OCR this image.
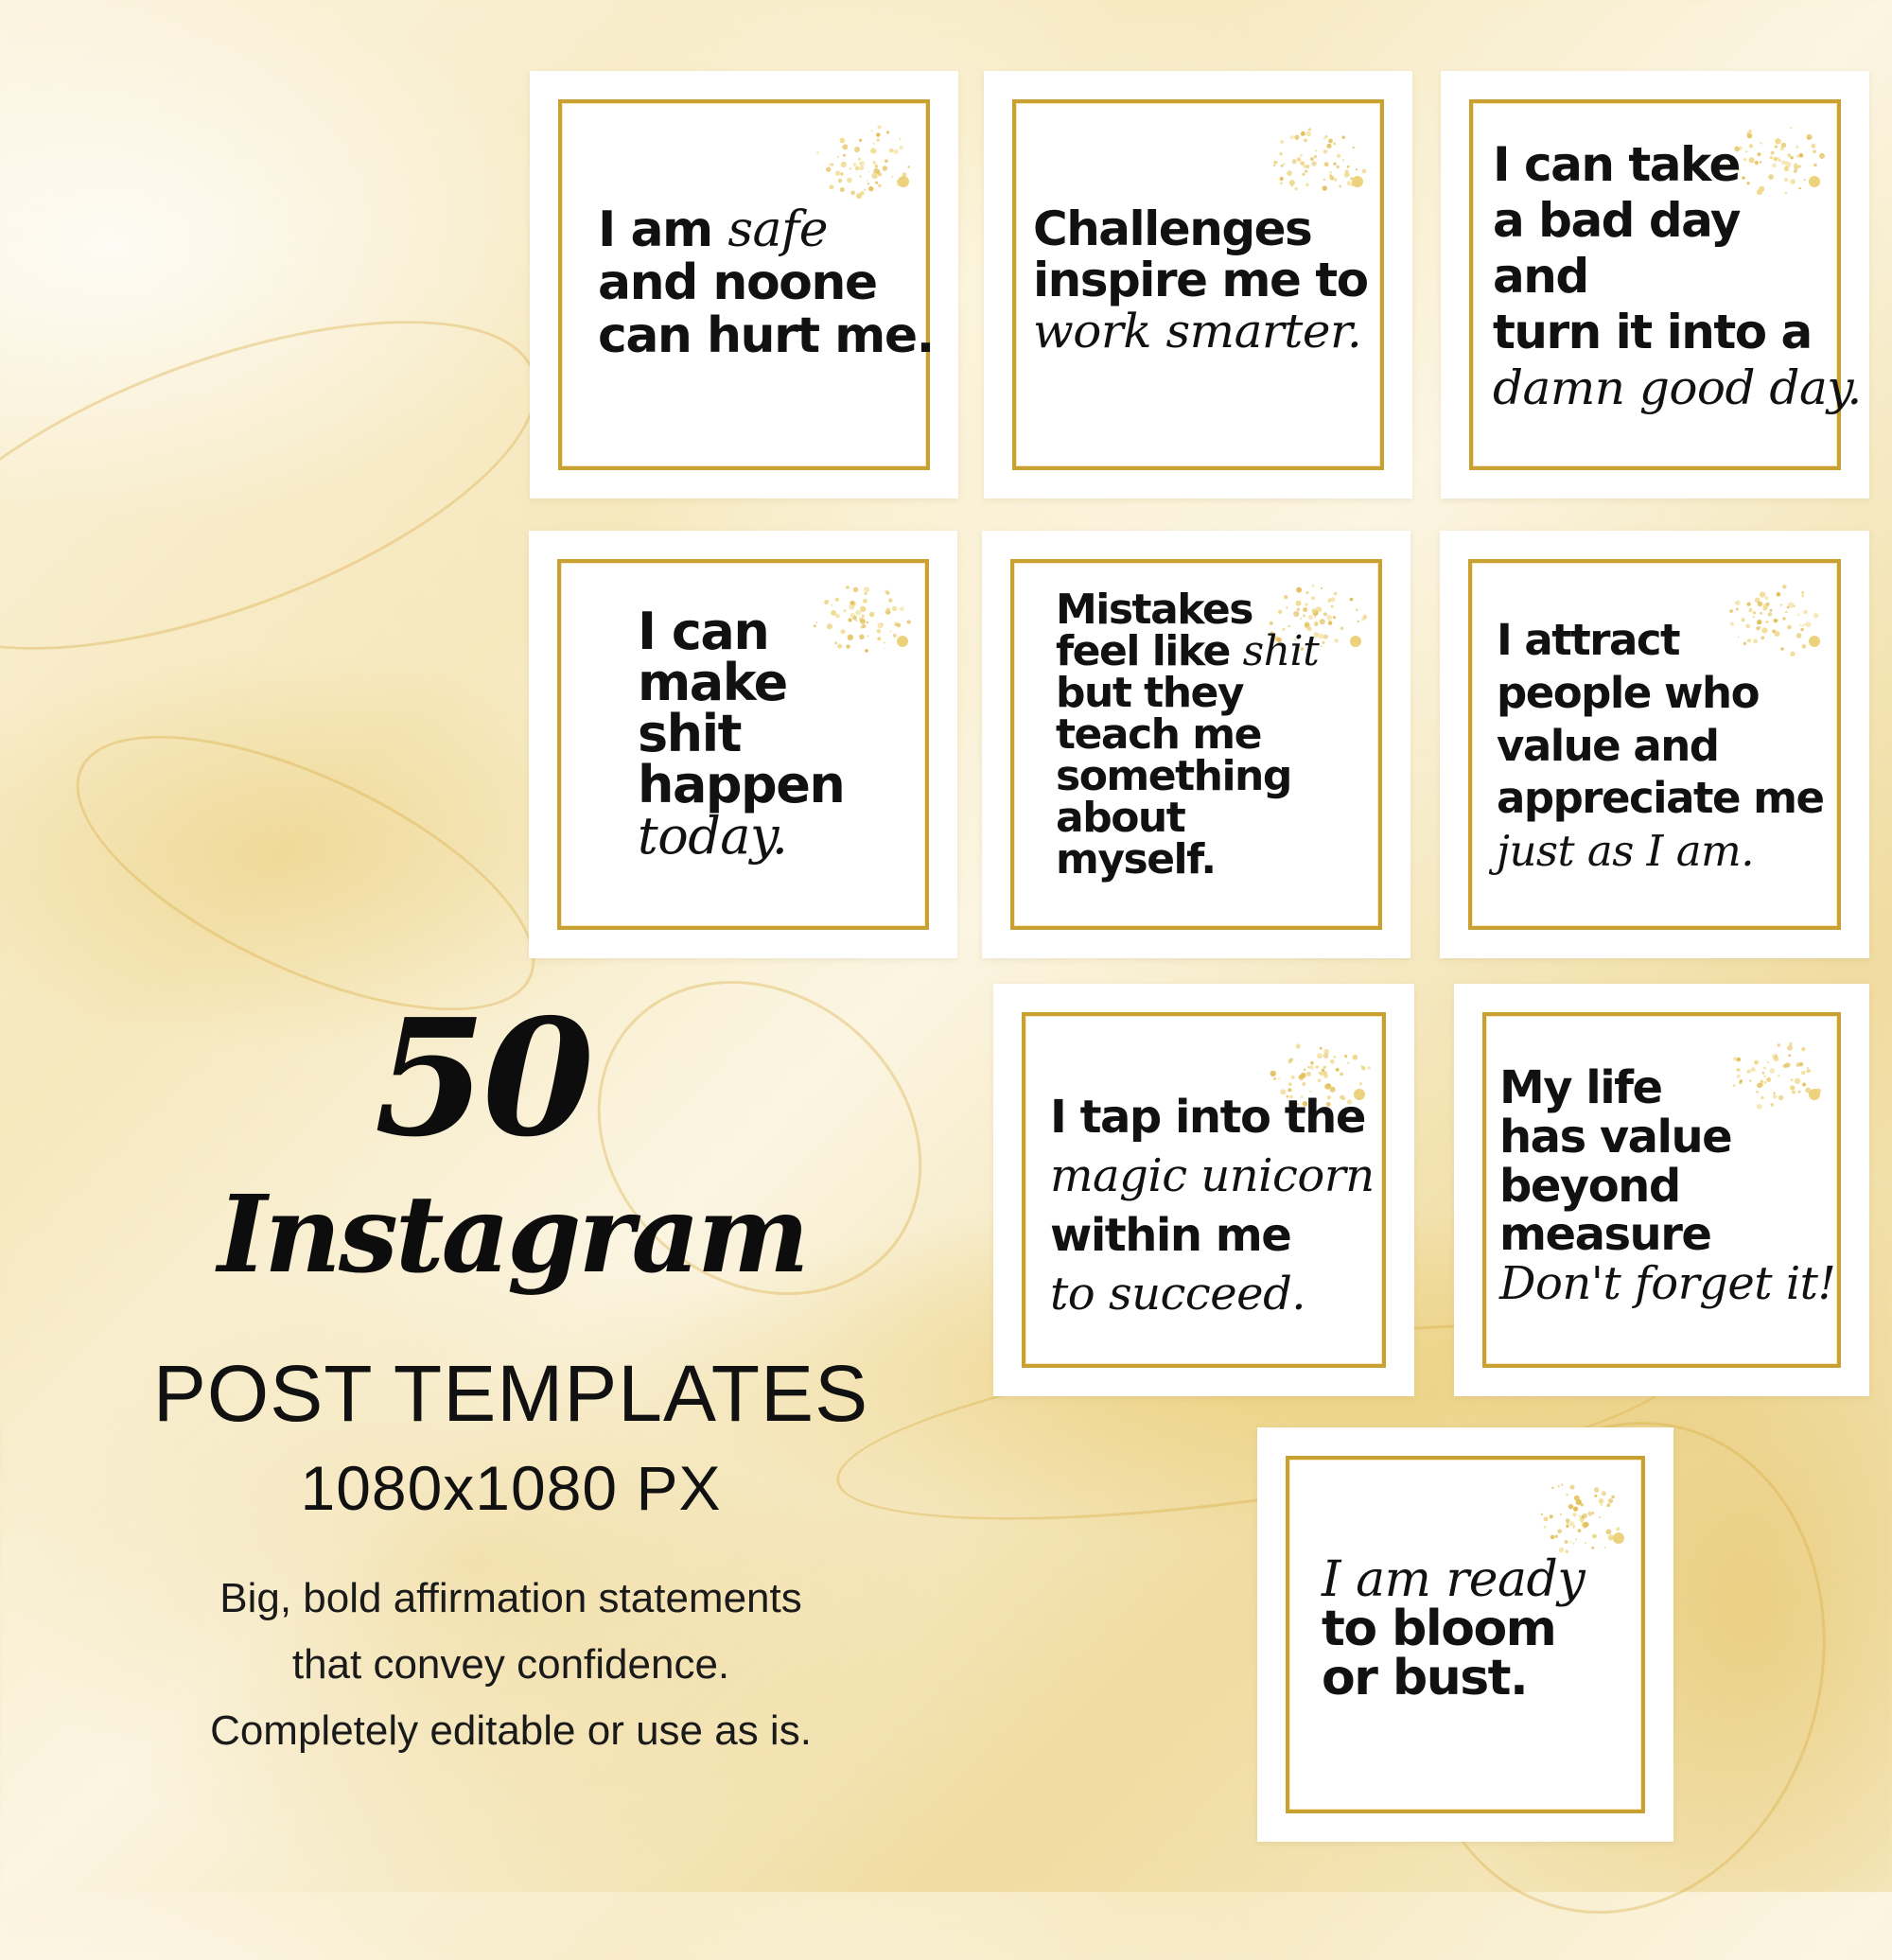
I am safe
and noone
can hurt me.
Challenges
inspire me to
work smarter.
I can take
a bad day
and
turn it into a
damn good day.
I can
make
shit
happen
today.
Mistakes
feel like shit
but they
teach me
something
about
myself.
I attract
people who
value and
appreciate me
just as I am.
I tap into the
magic unicorn
within me
to succeed.
My life
has value
beyond
measure
Don't forget it!
I am ready
to bloom
or bust.
50
Instagram
POST TEMPLATES
1080x1080 PX
Big, bold affirmation statements
that convey confidence.
Completely editable or use as is.
